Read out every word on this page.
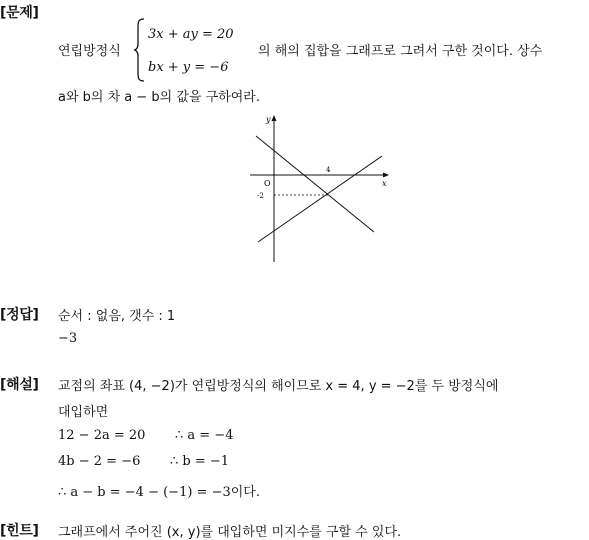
[문제]
연립방정식
3x + ay = 20
bx + y = −6
의 해의 집합을 그래프로 그려서 구한 것이다. 상수
a와 b의 차 a − b의 값을 구하여라.
y
x
O
4
-2
[정답] 순서 : 없음, 갯수 : 1
−3
[해설] 교점의 좌표 (4, −2)가 연립방정식의 해이므로 x = 4, y = −2를 두 방정식에
대입하면
12 − 2a = 20 ∴ a = −4
4b − 2 = −6 ∴ b = −1
∴ a − b = −4 − (−1) = −3이다.
[힌트] 그래프에서 주어진 (x, y)를 대입하면 미지수를 구할 수 있다.
